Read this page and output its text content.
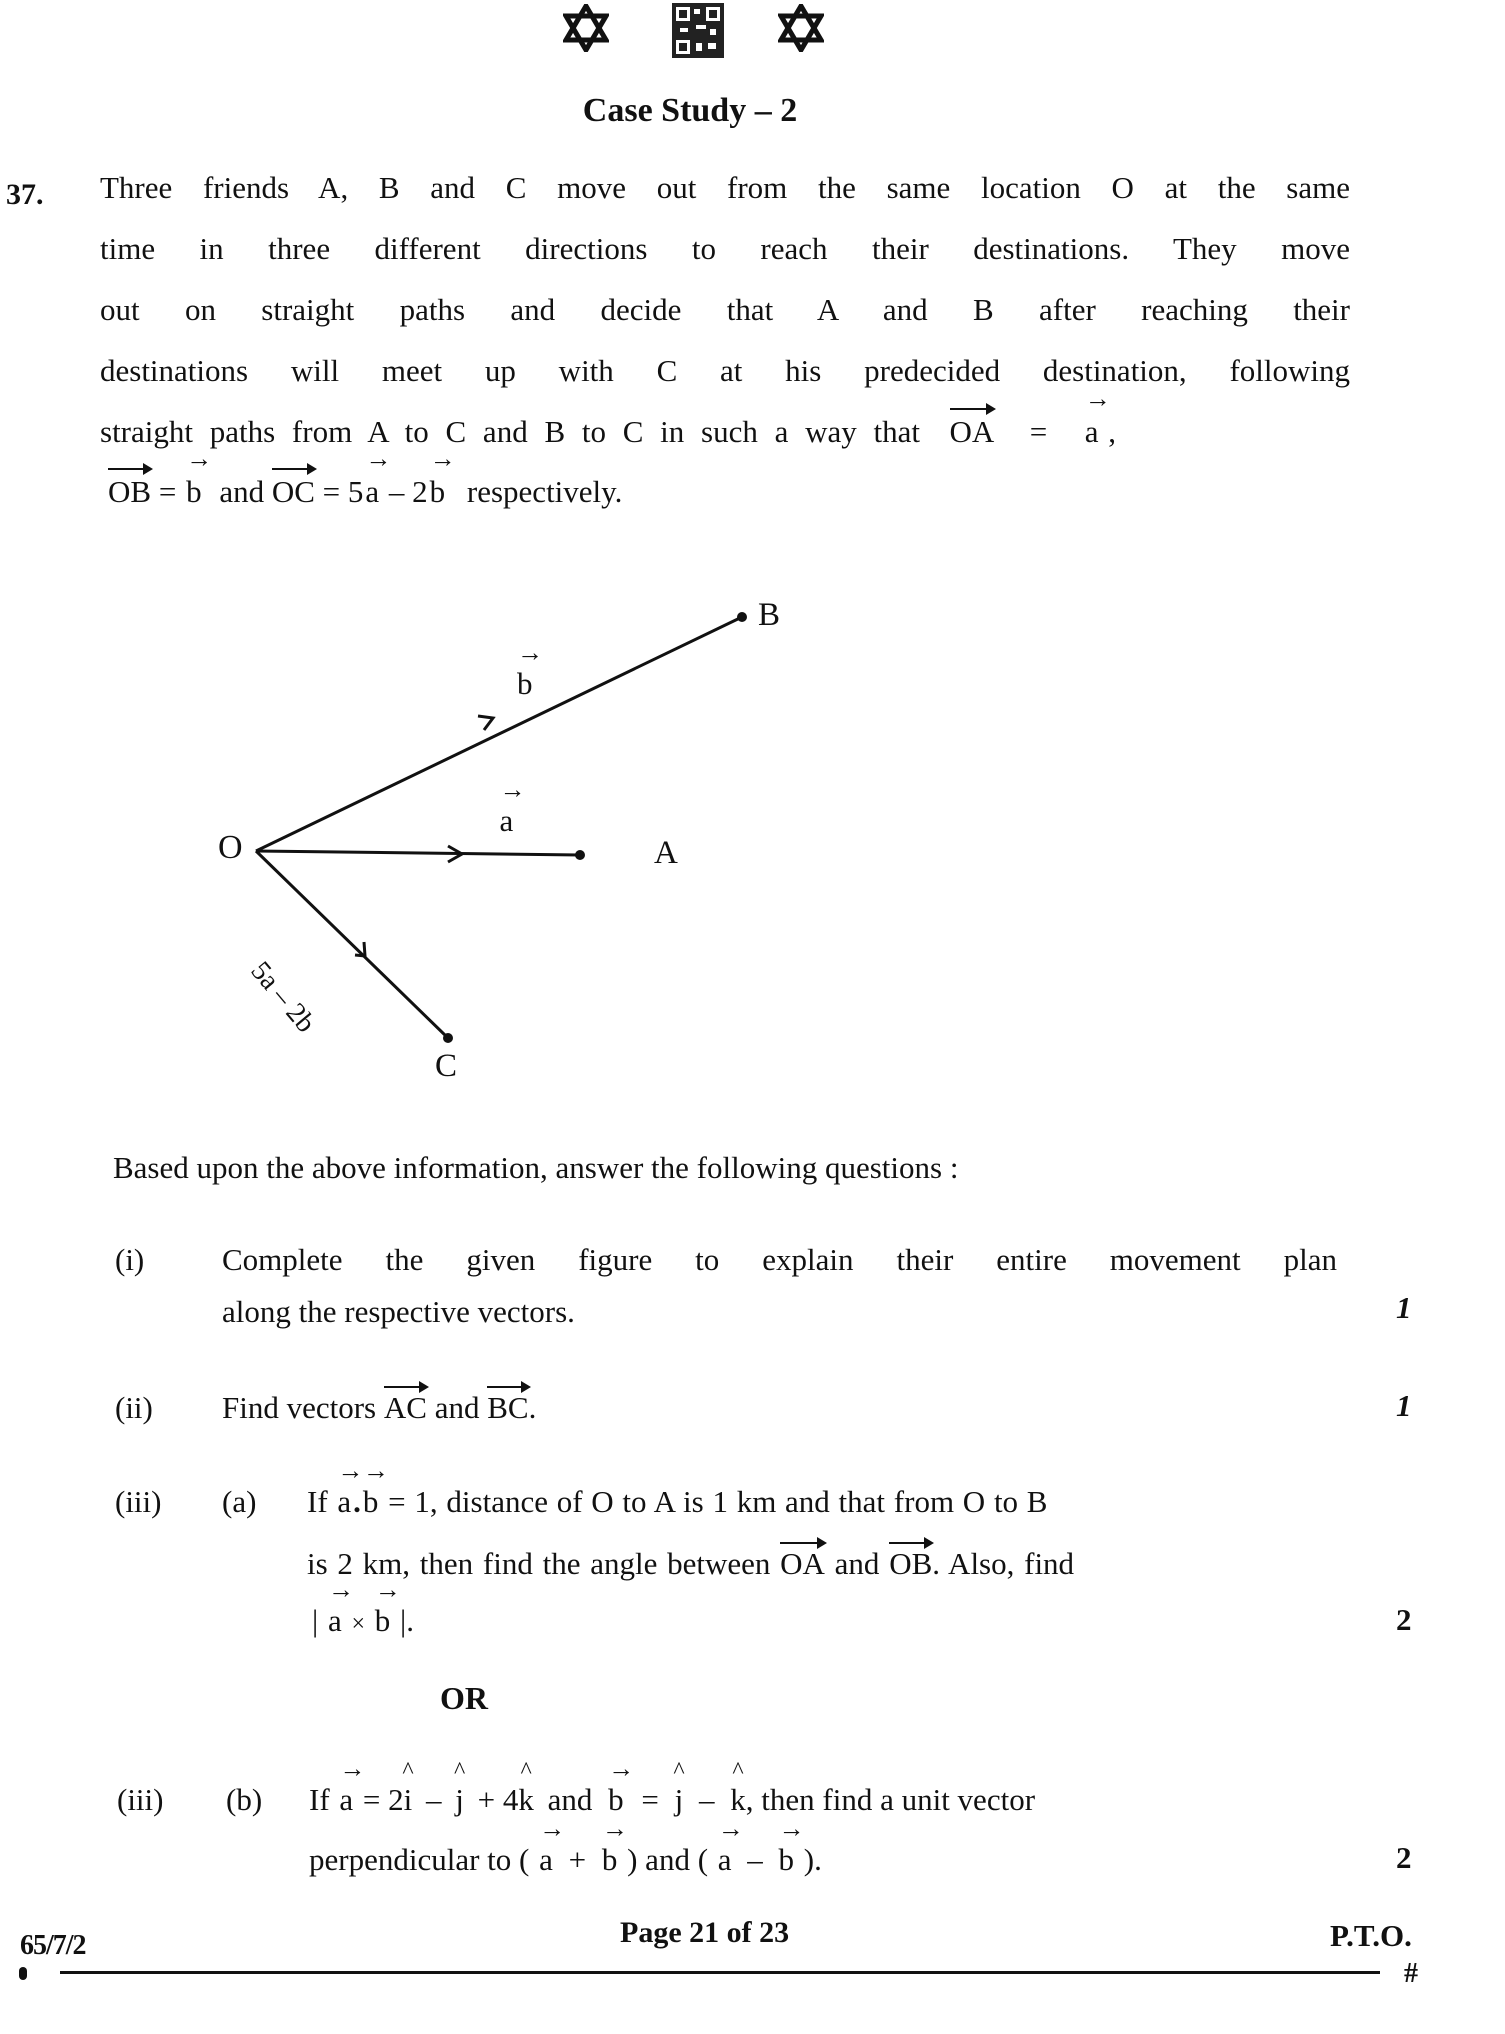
Case Study – 2
37. Three friends A, B and C move out from the same location O at the same
time in three different directions to reach their destinations. They move
out on straight paths and decide that A and B after reaching their
destinations will meet up with C at his predecided destination, following
straight paths from A to C and B to C in such a way that OA = → a ,
OB = → b and OC = 5→ a – 2→ b respectively.
O	A
B
C
→ b → a
5a – 2b
Based upon the above information, answer the following questions :
(i)	Complete the given figure to explain their entire movement plan
along the respective vectors.	1
(ii) Find vectors AC and BC.	1
(iii) (a) If → a.→ b = 1, distance of O to A is 1 km and that from O to B
is 2 km, then find the angle between OA and OB. Also, find
| → a × → b |.	2
OR
(iii) (b) If → a = 2^ i – ^ j + 4^ k and → b = ^ j – ^ k, then find a unit vector
perpendicular to ( → a + → b ) and ( → a – → b ).	2
65/7/2	Page 21 of 23	P.T.O.
#
